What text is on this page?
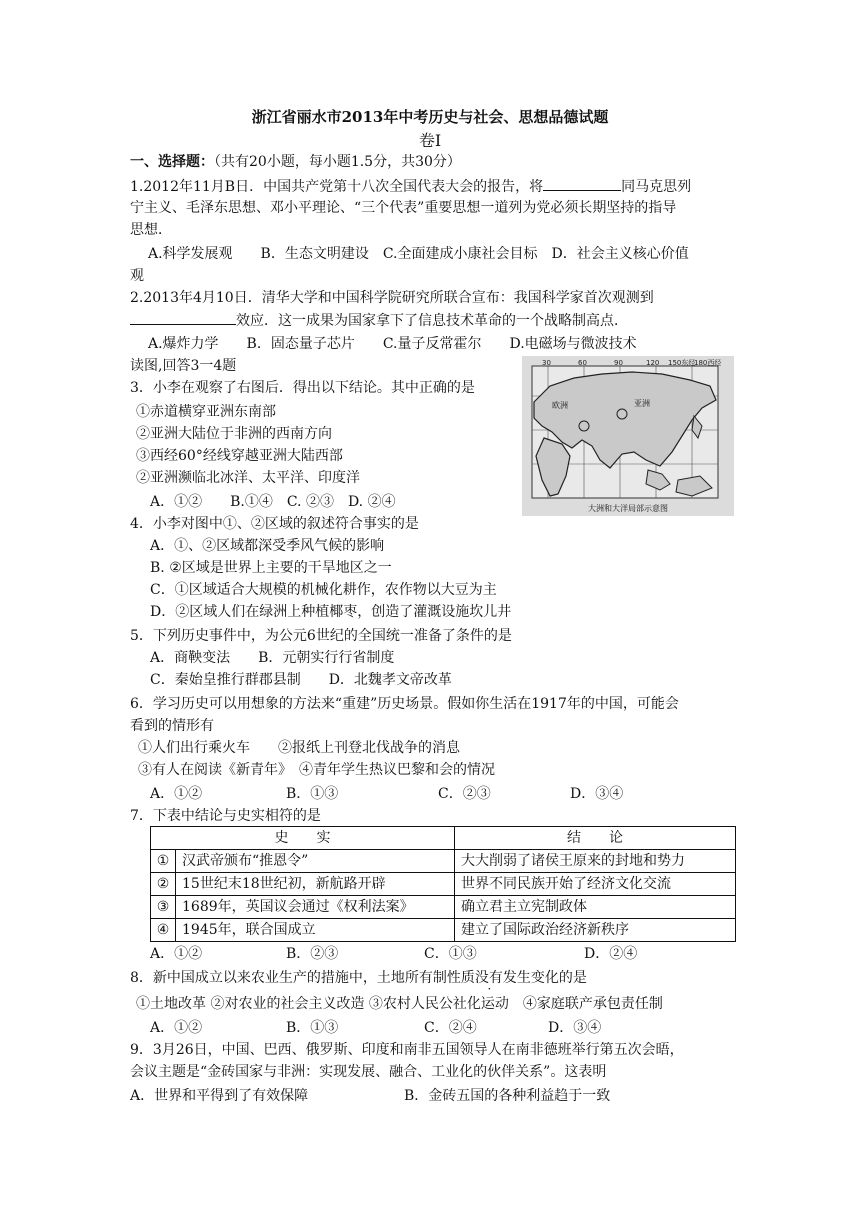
浙江省丽水市2013年中考历史与社会、思想品德试题
卷Ⅰ
一、选择题：（共有20小题，每小题1.5分，共30分）
1.2012年11月B日．中国共产党第十八次全国代表大会的报告，将	同马克思列
宁主义、毛泽东思想、邓小平理论、“三个代表”重要思想一道列为党必须长期坚持的指导
思想．
A.科学发展观　　B．生态文明建设　C.全面建成小康社会目标　D．社会主义核心价值
观
2.2013年4月10日．清华大学和中国科学院研究所联合宣布：我国科学家首次观测到
效应．这一成果为国家拿下了信息技术革命的一个战略制高点．
A.爆炸力学　　B．固态量子芯片　　C.量子反常霍尔　　D.电磁场与微波技术
读图,回答3一4题
3．小李在观察了右图后．得出以下结论。其中正确的是
①赤道横穿亚洲东南部
②亚洲大陆位于非洲的西南方向
③西经60°经线穿越亚洲大陆西部
②亚洲濒临北冰洋、太平洋、印度洋
A．①②　　B.①④　C. ②③　D. ②④
30	60	90	120 150东经
180西经
欧洲	亚洲
大洲和大洋局部示意图
4．小李对图中①、②区域的叙述符合事实的是
A．①、②区域都深受季风气候的影响
B. ②区域是世界上主要的干旱地区之一
C．①区域适合大规模的机械化耕作，农作物以大豆为主
D．②区域人们在绿洲上种植椰枣，创造了灌溉设施坎儿井
5．下列历史事件中，为公元6世纪的全国统一准备了条件的是
A．商鞅变法　　B．元朝实行行省制度
C．秦始皇推行群郡县制　　D．北魏孝文帝改革
6．学习历史可以用想象的方法来“重建”历史场景。假如你生活在1917年的中国，可能会
看到的情形有
①人们出行乘火车　　②报纸上刊登北伐战争的消息
③有人在阅读《新青年》　④青年学生热议巴黎和会的情况
A．①②	B．①③	C．②③	D．③④
7．下表中结论与史实相符的是
史　　实		结　　论
①	汉武帝颁布“推恩令”	大大削弱了诸侯王原来的封地和势力
②	15世纪末18世纪初，新航路开辟	世界不同民族开始了经济文化交流
③	1689年，英国议会通过《权利法案》	确立君主立宪制政体
④	1945年，联合国成立	建立了国际政治经济新秩序
A．①②	B．②③	C．①③	D．②④
8．新中国成立以来农业生产的措施中，土地所有制性质没有发生变化的是
①土地改革 ②对农业的社会主义改造 ③农村人民公社化运动　④家庭联产承包责任制
A．①②	B．①③	C．②④	D．③④
9．3月26日，中国、巴西、俄罗斯、印度和南非五国领导人在南非德班举行第五次会晤，
会议主题是“金砖国家与非洲：实现发展、融合、工业化的伙伴关系”。这表明
A．世界和平得到了有效保障	B．金砖五国的各种利益趋于一致
